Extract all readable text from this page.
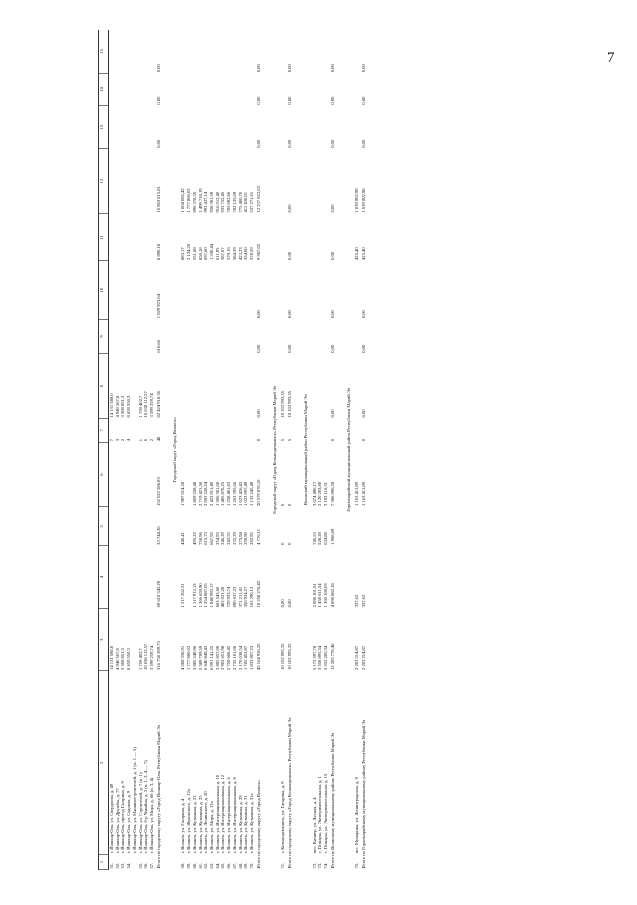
7
1	2	3	4	5	6	7	8	9	10	11	12	13	14	15
51.	г. Йошкар-Ола, ул. Свердлова, д. 49	14 131 588,0				7	14 131 588,0							
52.	г. Йошкар-Ола, ул. Дружбы, д. 77	4 940 567,8				3	4 940 567,8							
53.	г. Йошкар-Ола, проезд Гагарина, д. 9	3 508 851,3				2	3 508 851,3							
54.	г. Йошкар-Ола, ул. Садовая, д. 9	8 659 550,3				4	8 659 550,3							
	г. Йошкар-Ола, ул. Машиностроителей, д. 1 (п. 1 — 5)													
55.	г. Йошкар-Ола, ул. Строителей, д. 7 (п. 1)	1 759 402,7				1	1 759 402,7							
56.	г. Йошкар-Ола, б-р Чавайна, д. 3 (п. 1, 2, 4 — 7)	10 638 112,57				6	10 638 112,57							
57.	г. Йошкар-Ола, ул. Мира, д. 68 (п. 3, 4)	3 599 259,74				2	3 599 259,74							
Итого по городскому округу «Город Йошкар-Ола» Республики Марий Эл		316 758 289,75	69 618 345,29	33 744,36	152 022 286,83	48	82 424 918,36	616,66	1 829 923,64	8 890,18	10 863 815,81	0,00	0,00	0,00

Городской округ «Город Волжск»														
58.	г. Волжск, ул. Гагарина, д. 4	4 208 336,91	1 217 262,21	446,41	1 987 014,28					883,17	1 004 082,42			
59.	г. Волжск, ул. Жуковского, д. 12а	1 777 860,02								2 134,26	1 777 860,02			
60.	г. Волжск, ул. Кузьмина, д. 23	3 885 548,96	1 117 912,13	495,22	1 869 258,48					551,68	896 378,35			
61.	г. Волжск, ул. Кузьмина, д. 25	5 589 799,59	1 366 659,90	750,96	2 719 421,50					850,18	1 499 718,19			
62.	г. Волжск, ул. Ленинского, д. 20	6 640 849,43	1 254 887,05	615,73	2 093 528,24					697,60	992 427,14			
63.	г. Волжск, ул. Мира, д. 13а	6 091 141,25	1 848 992,17	667,92	2 423 911,49					1 330,44	938 301,59			
64.	г. Волжск, ул. Интернациональная, д. 10	2 885 857,00	663 543,60	254,93	1 306 301,00					611,95	916 012,40			
65.	г. Волжск, ул. Интернациональная, д. 12	2 902 651,98	483 021,28	246,29	1 485 878,25					587,07	933 752,45			
66.	г. Волжск, ул. Интернациональная, д. 6	2 759 608,45	729 933,74	243,55	1 258 401,83					579,16	785 082,86			
67.	г. Волжск, ул. Интернациональная, д. 8	2 735 181,00	690 637,23	232,29	1 263 395,66					584,39	782 135,09			
68.	г. Волжск, ул. Кузьмина, д. 29	2 170 038,54	371 211,41	275,94	1 023 426,43					423,23	775 400,70			
69.	г. Волжск, ул. Кузьмина, д. 31	1 785 452,87	350 924,57	259,90	1 023 097,49					354,00	411 430,81			
70.	г. Волжск, ул. Кузьмина, д. 31а	1 833 807,23	163 290,13	282,95	1 133 245,49					378,59	537 271,61			
Итого по городскому округу «Город Волжск»		45 164 936,25	10 258 276,42	4 776,11	20 579 878,16	0	0,00	0,00	0,00	9 967,02	12 237 822,63	0,00	0,00	0,00

Городской округ «Город Козьмодемьянск» Республики Марий Эл														
71.	г. Козьмодемьянск, ул. Гагарина, д. 9	10 102 993,35	0,00	0	0	5	10 102 993,35							
Итого по городскому округу «Город Козьмодемьянск» Республики Марий Эл		10 102 993,35	0,00	0	0	5	10 102 993,35	0,00	0,00	0,00	0,00	0,00	0,00	0,00

Волжский муниципальный район Республики Марий Эл														
72.	пос. Кичиер, ул. Лесная, д. 4	5 172 597,78	2 088 101,61	745,53	3 074 496,17									
73.	с. Помары, ул. Экспериментальная, д. 1	3 558 895,34	1 438 611,54	528,28	2 120 283,80									
74.	с. Помары, ул. Экспериментальная, д. 15	3 552 285,34	1 360 169,03	634,88	2 192 116,31									
Итого по Волжскому муниципальному району Республики Марий Эл		12 283 778,46	4 896 882,18	1 908,69	7 386 896,28	0	0,00	0,00	0,00	0,00	0,00	0,00	0,00	0,00

Горномарийский муниципальный район Республики Марий Эл														
75.	пгт. Мумарина, ул. Ленинградская, д. 9	2 203 214,87	337,62		1 163 411,89					425,40	1 039 802,98			
Итого по Горномарийскому муниципальному району Республики Марий Эл		2 203 214,87	337,62		1 163 411,89	0	0,00	0,00	0,00	425,40	1 039 802,98	0,00	0,00	0,00
